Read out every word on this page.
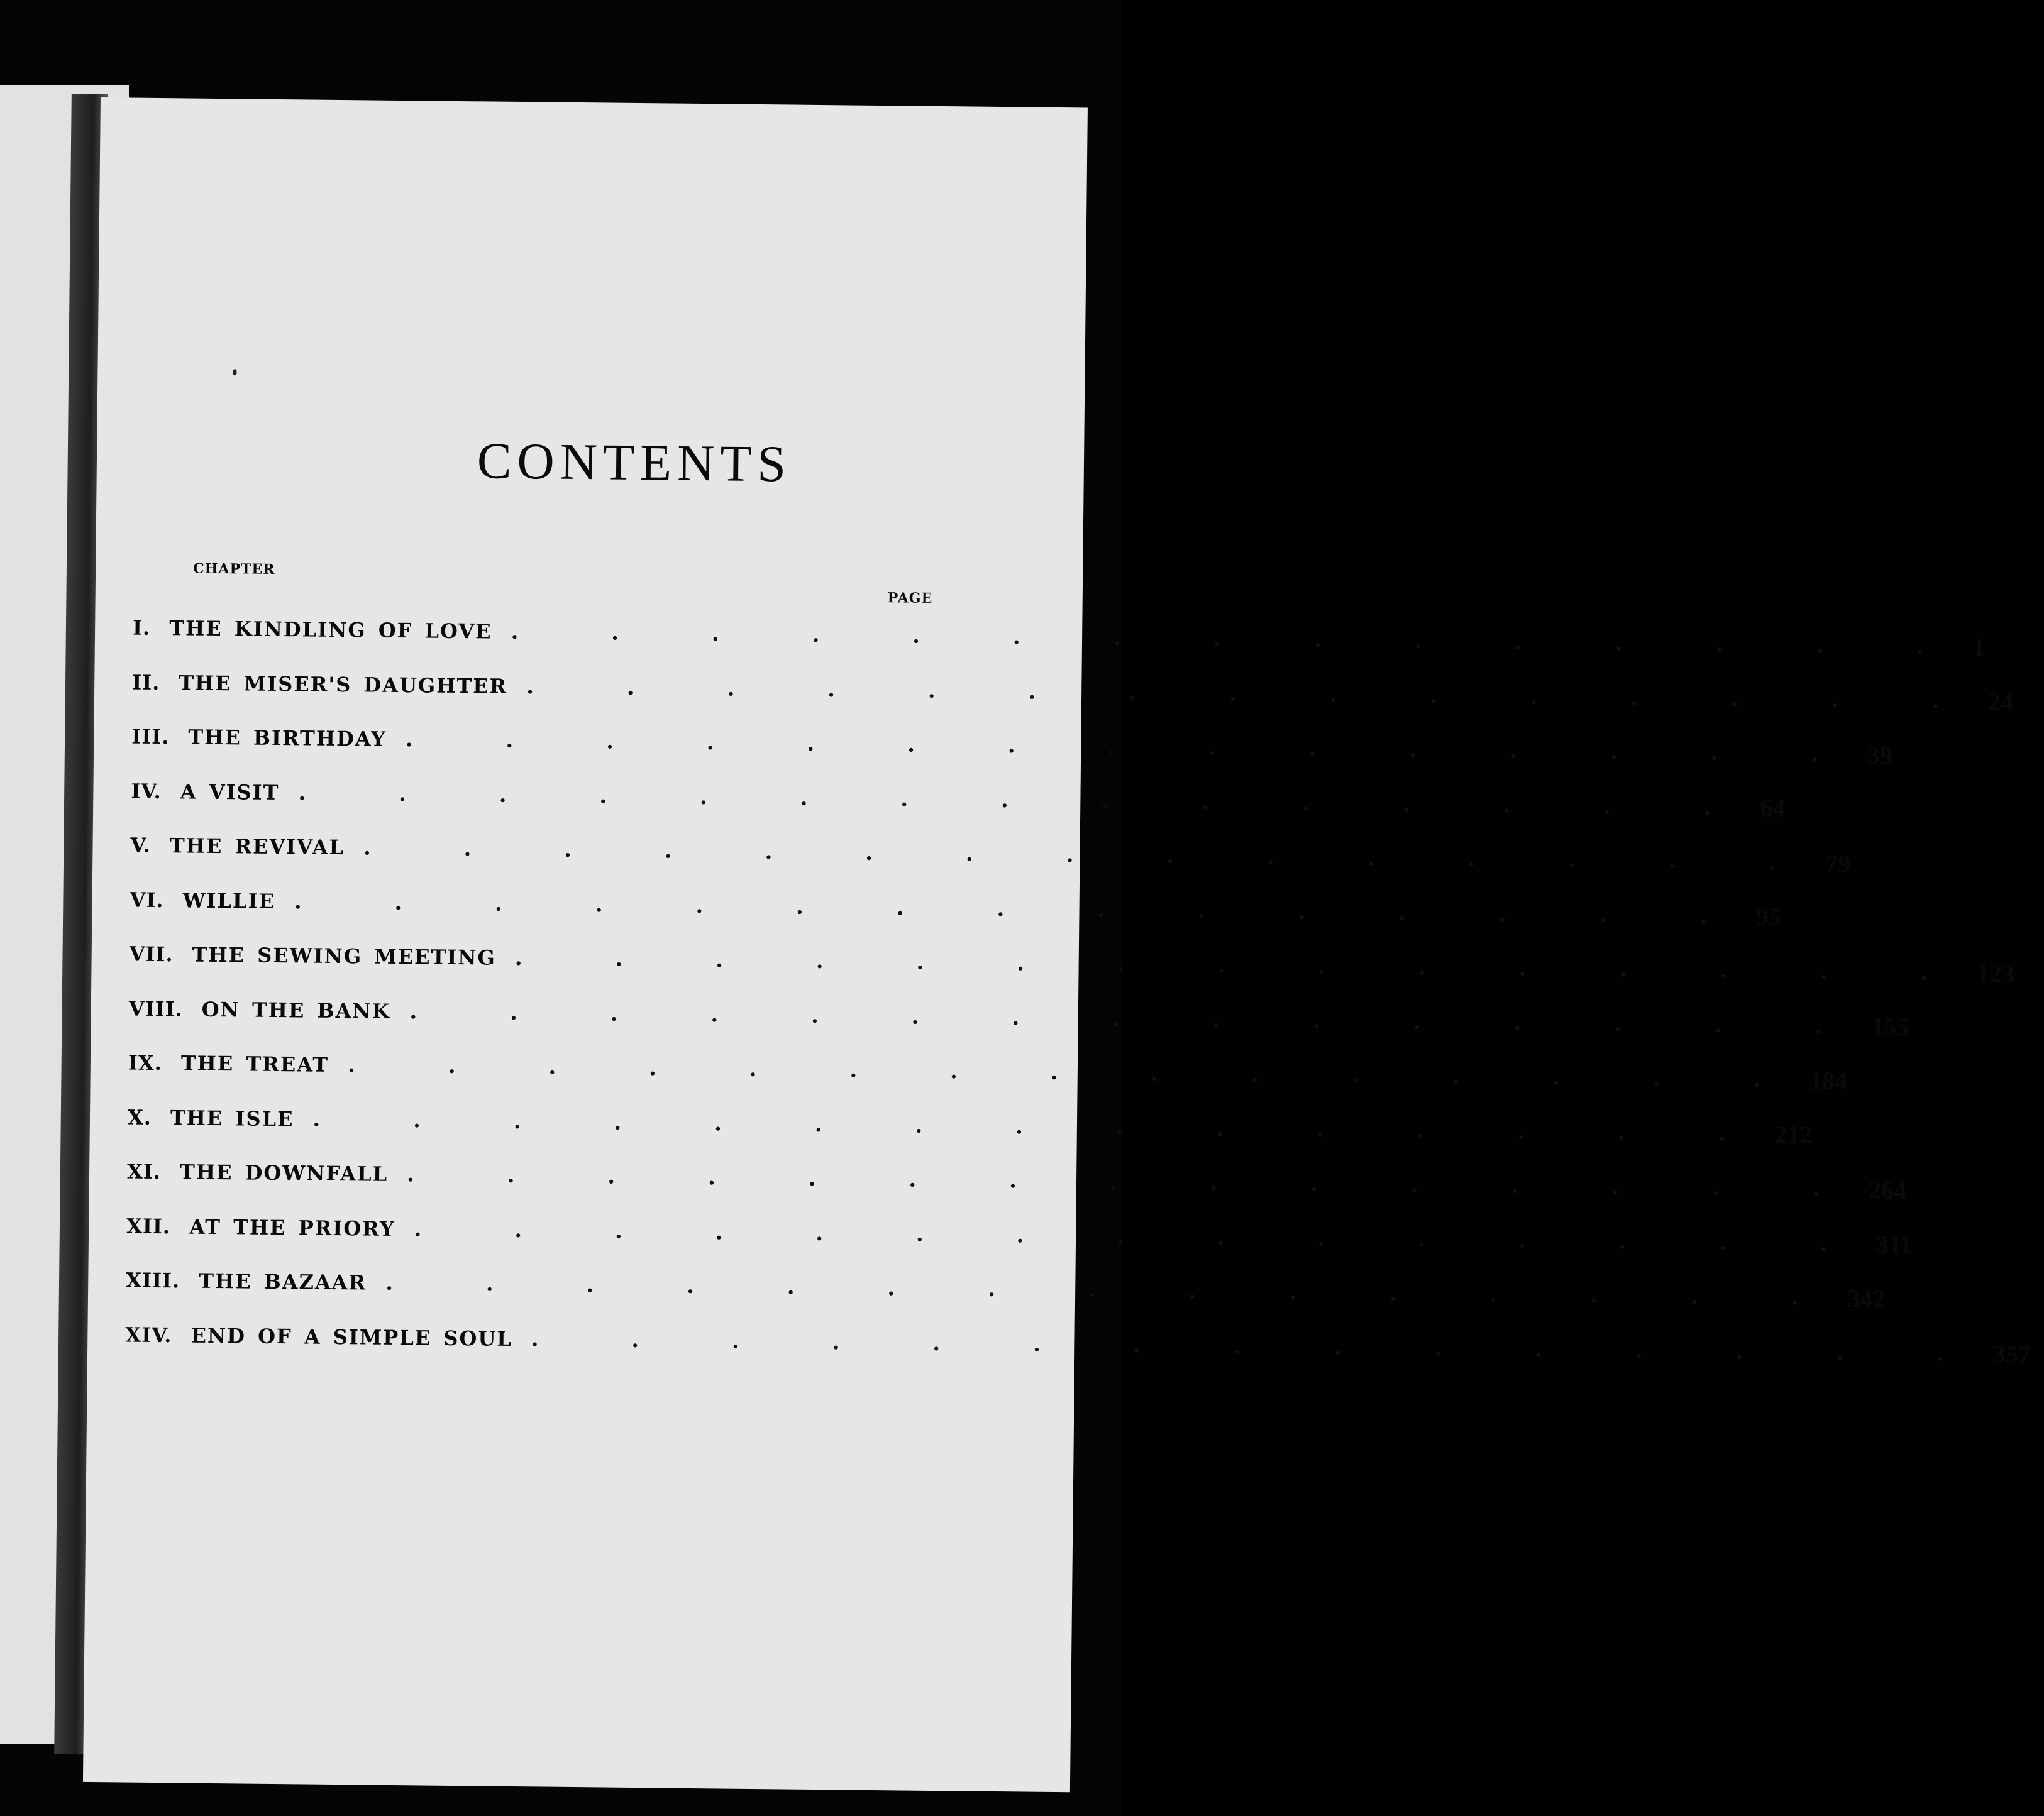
CONTENTS
CHAPTER
PAGE
I. THE KINDLING OF LOVE . . . . . . . . . . . . . . . 1
II. THE MISER'S DAUGHTER . . . . . . . . . . . . . . . 24
III. THE BIRTHDAY . . . . . . . . . . . . . . . 39
IV. A VISIT . . . . . . . . . . . . . . . 64
V. THE REVIVAL . . . . . . . . . . . . . . . 79
VI. WILLIE . . . . . . . . . . . . . . . 95
VII. THE SEWING MEETING . . . . . . . . . . . . . . . 123
VIII. ON THE BANK . . . . . . . . . . . . . . . 155
IX. THE TREAT . . . . . . . . . . . . . . . 184
X. THE ISLE . . . . . . . . . . . . . . . 212
XI. THE DOWNFALL . . . . . . . . . . . . . . . 264
XII. AT THE PRIORY . . . . . . . . . . . . . . . 311
XIII. THE BAZAAR . . . . . . . . . . . . . . . 342
XIV. END OF A SIMPLE SOUL . . . . . . . . . . . . . . . 357
